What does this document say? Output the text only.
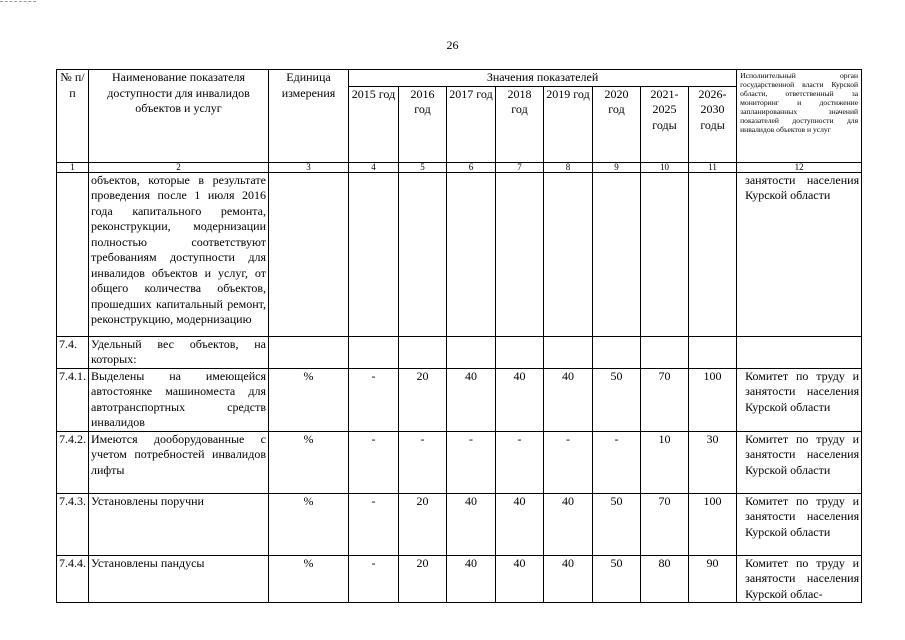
26
№ п/п	Наименование показателя доступности для инвалидов объектов и услуг	Единица измерения	Значения показателей								Исполнительный орган государственной власти Курской области, ответственный за мониторинг и достижение запланированных значений показателей доступности для инвалидов объектов и услуг
			2015 год	2016 год	2017 год	2018 год	2019 год	2020 год	2021-2025 годы	2026-2030 годы	
1	2	3	4	5	6	7	8	9	10	11	12
	объектов, которые в результате проведения после 1 июля 2016 года капитального ремонта, реконструкции, модернизации полностью соответствуют требованиям доступности для инвалидов объектов и услуг, от общего количества объектов, прошедших капитальный ремонт, реконструкцию, модернизацию										занятости населения Курской области
7.4.	Удельный вес объектов, на которых:										
7.4.1.	Выделены на имеющейся автостоянке машиноместа для автотранспортных средств инвалидов	%	-	20	40	40	40	50	70	100	Комитет по труду и занятости населения Курской области
7.4.2.	Имеются дооборудованные с учетом потребностей инвалидов лифты	%	-	-	-	-	-	-	10	30	Комитет по труду и занятости населения Курской области
7.4.3.	Установлены поручни	%	-	20	40	40	40	50	70	100	Комитет по труду и занятости населения Курской области
7.4.4.	Установлены пандусы	%	-	20	40	40	40	50	80	90	Комитет по труду и занятости населения Курской облас-
